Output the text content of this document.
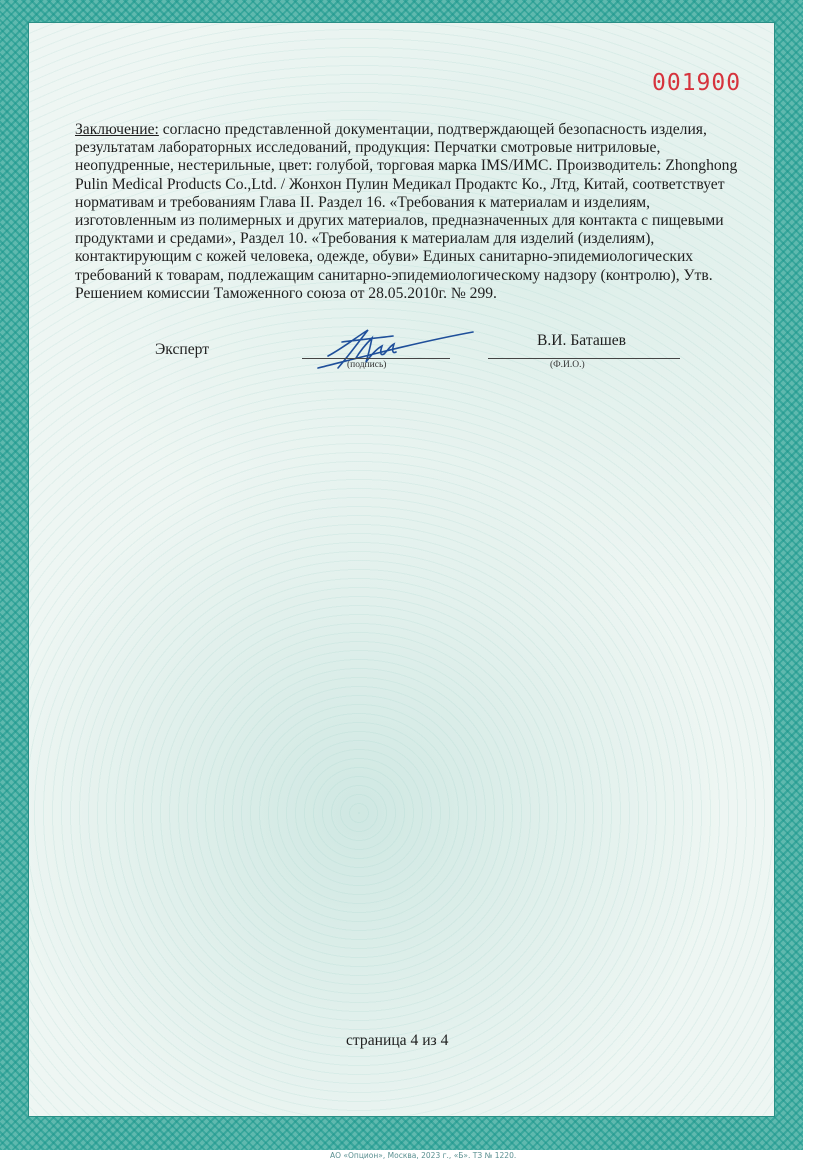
001900

Заключение: согласно представленной документации, подтверждающей безопасность изделия, результатам лабораторных исследований, продукция: Перчатки смотровые нитриловые, неопудренные, нестерильные, цвет: голубой, торговая марка IMS/ИМС. Производитель: Zhonghong Pulin Medical Products Co.,Ltd. / Жонхон Пулин Медикал Продактс Ко., Лтд, Китай, соответствует нормативам и требованиям Глава II. Раздел 16. «Требования к материалам и изделиям, изготовленным из полимерных и других материалов, предназначенных для контакта с пищевыми продуктами и средами», Раздел 10. «Требования к материалам для изделий (изделиям), контактирующим с кожей человека, одежде, обуви» Единых санитарно-эпидемиологических требований к товарам, подлежащим санитарно-эпидемиологическому надзору (контролю), Утв. Решением комиссии Таможенного союза от 28.05.2010г. № 299.

Эксперт
(подпись)
В.И. Баташев
(Ф.И.О.)
страница 4 из 4
АО «Опцион», Москва, 2023 г., «Б». ТЗ № 1220.
